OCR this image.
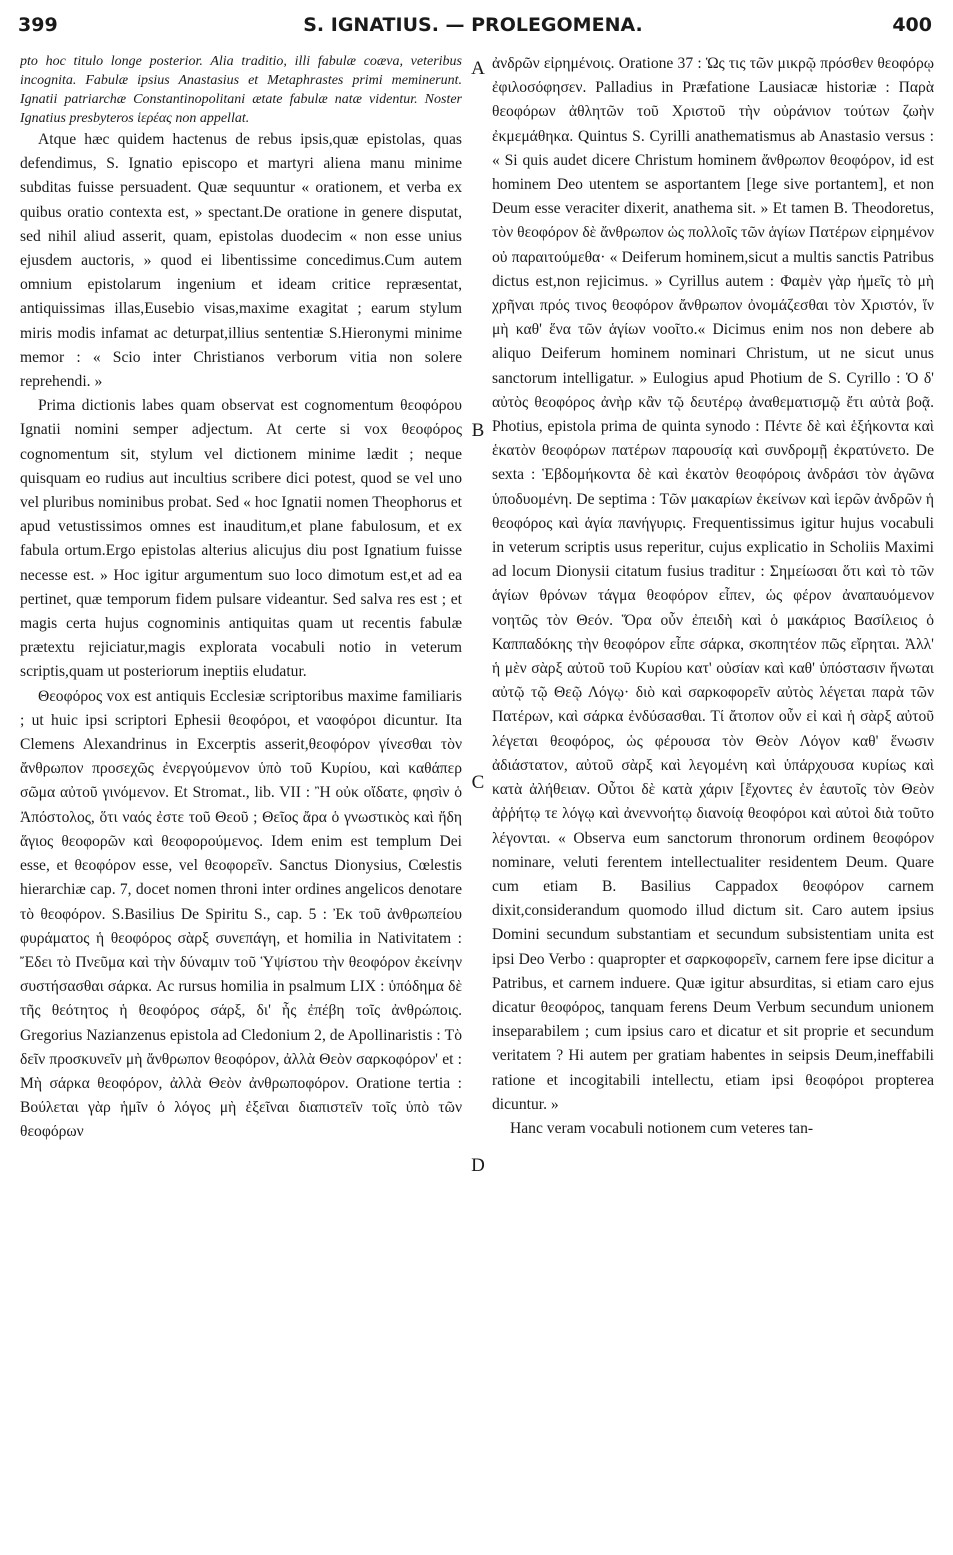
399	S. IGNATIUS. — PROLEGOMENA.	400

pto hoc titulo longe posterior. Alia traditio, illi fabulæ coæva, veteribus incognita. Fabulæ ipsius Anastasius et Metaphrastes primi meminerunt. Ignatii patriarchæ Constantinopolitani ætate fabulæ natæ videntur. Noster Ignatius presbyteros ἱερέας non appellat.

Atque hæc quidem hactenus de rebus ipsis,quæ epistolas, quas defendimus, S. Ignatio episcopo et martyri aliena manu minime subditas fuisse persuadent. Quæ sequuntur « orationem, et verba ex quibus oratio contexta est, » spectant.De oratione in genere disputat, sed nihil aliud asserit, quam, epistolas duodecim « non esse unius ejusdem auctoris, » quod ei libentissime concedimus.Cum autem omnium epistolarum ingenium et ideam critice repræsentat, antiquissimas illas,Eusebio visas,maxime exagitat ; earum stylum miris modis infamat ac deturpat,illius sententiæ S.Hieronymi minime memor : « Scio inter Christianos verborum vitia non solere reprehendi. »

Prima dictionis labes quam observat est cognomentum θεοφόρου Ignatii nomini semper adjectum. At certe si vox θεοφόρος cognomentum sit, stylum vel dictionem minime lædit ; neque quisquam eo rudius aut incultius scribere dici potest, quod se vel uno vel pluribus nominibus probat. Sed « hoc Ignatii nomen Theophorus et apud vetustissimos omnes est inauditum,et plane fabulosum, et ex fabula ortum.Ergo epistolas alterius alicujus diu post Ignatium fuisse necesse est. » Hoc igitur argumentum suo loco dimotum est,et ad ea pertinet, quæ temporum fidem pulsare videantur. Sed salva res est ; et magis certa hujus cognominis antiquitas quam ut recentis fabulæ prætextu rejiciatur,magis explorata vocabuli notio in veterum scriptis,quam ut posteriorum ineptiis eludatur.

Θεοφόρος vox est antiquis Ecclesiæ scriptoribus maxime familiaris ; ut huic ipsi scriptori Ephesii θεοφόροι, et ναοφόροι dicuntur. Ita Clemens Alexandrinus in Excerptis asserit,θεοφόρον γίνεσθαι τὸν ἄνθρωπον προσεχῶς ἐνεργούμενον ὑπὸ τοῦ Κυρίου, καὶ καθάπερ σῶμα αὐτοῦ γινόμενον. Et Stromat., lib. VII : Ἢ οὐκ οἴδατε, φησὶν ὁ Ἀπόστολος, ὅτι ναός ἐστε τοῦ Θεοῦ ; Θεῖος ἄρα ὁ γνωστικὸς καὶ ἤδη ἅγιος θεοφορῶν καὶ θεοφορούμενος. Idem enim est templum Dei esse, et θεοφόρον esse, vel θεοφορεῖν. Sanctus Dionysius, Cœlestis hierarchiæ cap. 7, docet nomen throni inter ordines angelicos denotare τὸ θεοφόρον. S.Basilius De Spiritu S., cap. 5 : Ἐκ τοῦ ἀνθρωπείου φυράματος ἡ θεοφόρος σὰρξ συνεπάγη, et homilia in Nativitatem : Ἔδει τὸ Πνεῦμα καὶ τὴν δύναμιν τοῦ Ὑψίστου τὴν θεοφόρον ἐκείνην συστήσασθαι σάρκα. Ac rursus homilia in psalmum LIX : ὑπόδημα δὲ τῆς θεότητος ἡ θεοφόρος σάρξ, δι' ἧς ἐπέβη τοῖς ἀνθρώποις. Gregorius Nazianzenus epistola ad Cledonium 2, de Apollinaristis : Τὸ δεῖν προσκυνεῖν μὴ ἄνθρωπον θεοφόρον, ἀλλὰ Θεὸν σαρκοφόρον' et : Μὴ σάρκα θεοφόρον, ἀλλὰ Θεὸν ἀνθρωποφόρον. Oratione tertia : Βούλεται γὰρ ἡμῖν ὁ λόγος μὴ ἐξεῖναι διαπιστεῖν τοῖς ὑπὸ τῶν θεοφόρων

A
B
C
D

ἀνδρῶν εἰρημένοις. Oratione 37 : Ὡς τις τῶν μικρῷ πρόσθεν θεοφόρῳ ἐφιλοσόφησεν. Palladius in Præfatione Lausiacæ historiæ : Παρὰ θεοφόρων ἀθλητῶν τοῦ Χριστοῦ τὴν οὐράνιον τούτων ζωὴν ἐκμεμάθηκα. Quintus S. Cyrilli anathematismus ab Anastasio versus : « Si quis audet dicere Christum hominem ἄνθρωπον θεοφόρον, id est hominem Deo utentem se asportantem [lege sive portantem], et non Deum esse veraciter dixerit, anathema sit. » Et tamen B. Theodoretus, τὸν θεοφόρον δὲ ἄνθρωπον ὡς πολλοῖς τῶν ἁγίων Πατέρων εἰρημένον οὐ παραιτούμεθα· « Deiferum hominem,sicut a multis sanctis Patribus dictus est,non rejicimus. » Cyrillus autem : Φαμὲν γὰρ ἡμεῖς τὸ μὴ χρῆναι πρός τινος θεοφόρον ἄνθρωπον ὀνομάζεσθαι τὸν Χριστόν, ἵν μὴ καθ' ἕνα τῶν ἁγίων νοοῖτο.« Dicimus enim nos non debere ab aliquo Deiferum hominem nominari Christum, ut ne sicut unus sanctorum intelligatur. » Eulogius apud Photium de S. Cyrillo : Ὁ δ' αὐτὸς θεοφόρος ἀνὴρ κἂν τῷ δευτέρῳ ἀναθεματισμῷ ἔτι αὐτὰ βοᾷ. Photius, epistola prima de quinta synodo : Πέντε δὲ καὶ ἑξήκοντα καὶ ἑκατὸν θεοφόρων πατέρων παρουσίᾳ καὶ συνδρομῇ ἐκρατύνετο. De sexta : Ἑβδομήκοντα δὲ καὶ ἑκατὸν θεοφόροις ἀνδράσι τὸν ἀγῶνα ὑποδυομένη. De septima : Τῶν μακαρίων ἐκείνων καὶ ἱερῶν ἀνδρῶν ἡ θεοφόρος καὶ ἁγία πανήγυρις. Frequentissimus igitur hujus vocabuli in veterum scriptis usus reperitur, cujus explicatio in Scholiis Maximi ad locum Dionysii citatum fusius traditur : Σημείωσαι ὅτι καὶ τὸ τῶν ἁγίων θρόνων τάγμα θεοφόρον εἶπεν, ὡς φέρον ἀναπαυόμενον νοητῶς τὸν Θεόν. Ὅρα οὖν ἐπειδὴ καὶ ὁ μακάριος Βασίλειος ὁ Καππαδόκης τὴν θεοφόρον εἶπε σάρκα, σκοπητέον πῶς εἴρηται. Ἀλλ' ἡ μὲν σὰρξ αὐτοῦ τοῦ Κυρίου κατ' οὐσίαν καὶ καθ' ὑπόστασιν ἥνωται αὐτῷ τῷ Θεῷ Λόγῳ· διὸ καὶ σαρκοφορεῖν αὐτὸς λέγεται παρὰ τῶν Πατέρων, καὶ σάρκα ἐνδύσασθαι. Τί ἄτοπον οὖν εἰ καὶ ἡ σὰρξ αὐτοῦ λέγεται θεοφόρος, ὡς φέρουσα τὸν Θεὸν Λόγον καθ' ἕνωσιν ἀδιάστατον, αὐτοῦ σὰρξ καὶ λεγομένη καὶ ὑπάρχουσα κυρίως καὶ κατὰ ἀλήθειαν. Οὗτοι δὲ κατὰ χάριν [ἔχοντες ἐν ἑαυτοῖς τὸν Θεὸν ἀῤῥήτῳ τε λόγῳ καὶ ἀνεννοήτῳ διανοίᾳ θεοφόροι καὶ αὐτοὶ διὰ τοῦτο λέγονται. « Observa eum sanctorum thronorum ordinem θεοφόρον nominare, veluti ferentem intellectualiter residentem Deum. Quare cum etiam B. Basilius Cappadox θεοφόρον carnem dixit,considerandum quomodo illud dictum sit. Caro autem ipsius Domini secundum substantiam et secundum subsistentiam unita est ipsi Deo Verbo : quapropter et σαρκοφορεῖν, carnem fere ipse dicitur a Patribus, et carnem induere. Quæ igitur absurditas, si etiam caro ejus dicatur θεοφόρος, tanquam ferens Deum Verbum secundum unionem inseparabilem ; cum ipsius caro et dicatur et sit proprie et secundum veritatem ? Hi autem per gratiam habentes in seipsis Deum,ineffabili ratione et incogitabili intellectu, etiam ipsi θεοφόροι propterea dicuntur. »

Hanc veram vocabuli notionem cum veteres tan-
